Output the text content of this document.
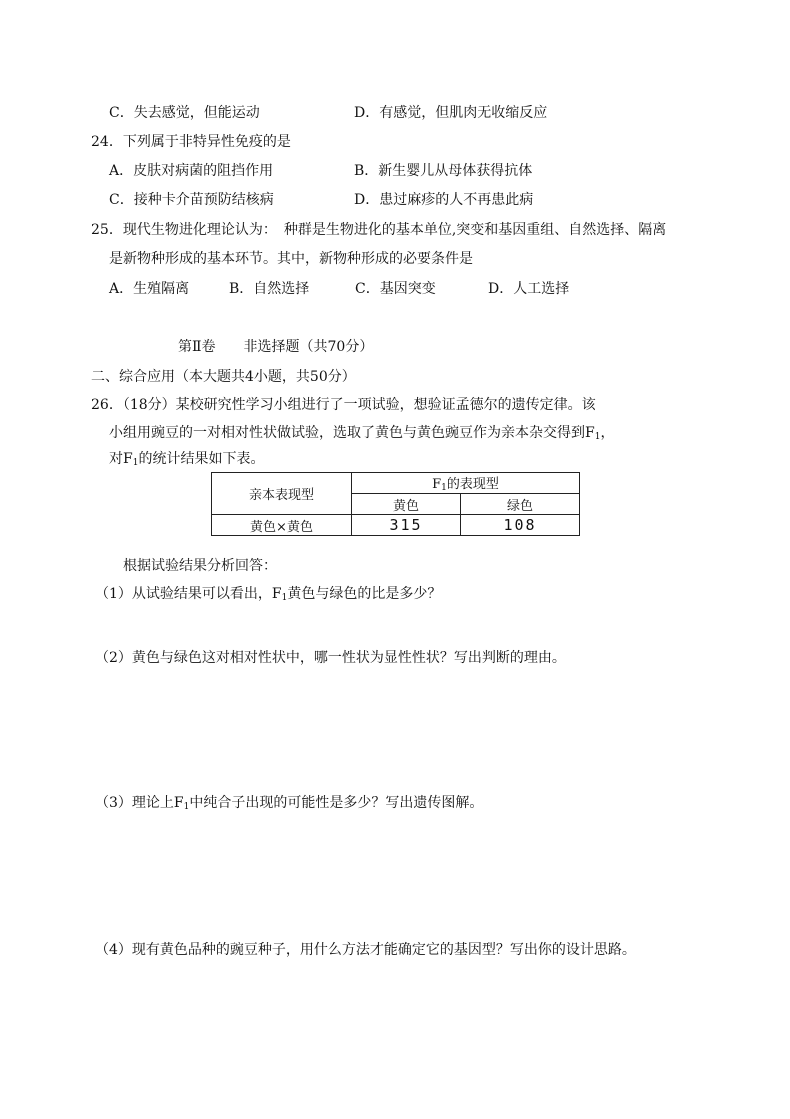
C．失去感觉，但能运动	D．有感觉，但肌肉无收缩反应
24．下列属于非特异性免疫的是
A．皮肤对病菌的阻挡作用	B．新生婴儿从母体获得抗体
C．接种卡介苗预防结核病	D．患过麻疹的人不再患此病
25．现代生物进化理论认为：　种群是生物进化的基本单位,突变和基因重组、自然选择、隔离
是新物种形成的基本环节。其中，新物种形成的必要条件是
A．生殖隔离	B．自然选择	C．基因突变	D．人工选择
第Ⅱ卷　　非选择题（共70分）
二、综合应用（本大题共4小题，共50分）
26．（18分）某校研究性学习小组进行了一项试验，想验证孟德尔的遗传定律。该
小组用豌豆的一对相对性状做试验，选取了黄色与黄色豌豆作为亲本杂交得到$F_1$，
对$F_1$的统计结果如下表。
亲本表现型	$F_1$的表现型	
	黄色	绿色
黄色×黄色	315	108
根据试验结果分析回答：
（1）从试验结果可以看出，$F_1$黄色与绿色的比是多少？
（2）黄色与绿色这对相对性状中，哪一性状为显性性状？写出判断的理由。
（3）理论上$F_1$中纯合子出现的可能性是多少？写出遗传图解。
（4）现有黄色品种的豌豆种子，用什么方法才能确定它的基因型？写出你的设计思路。
